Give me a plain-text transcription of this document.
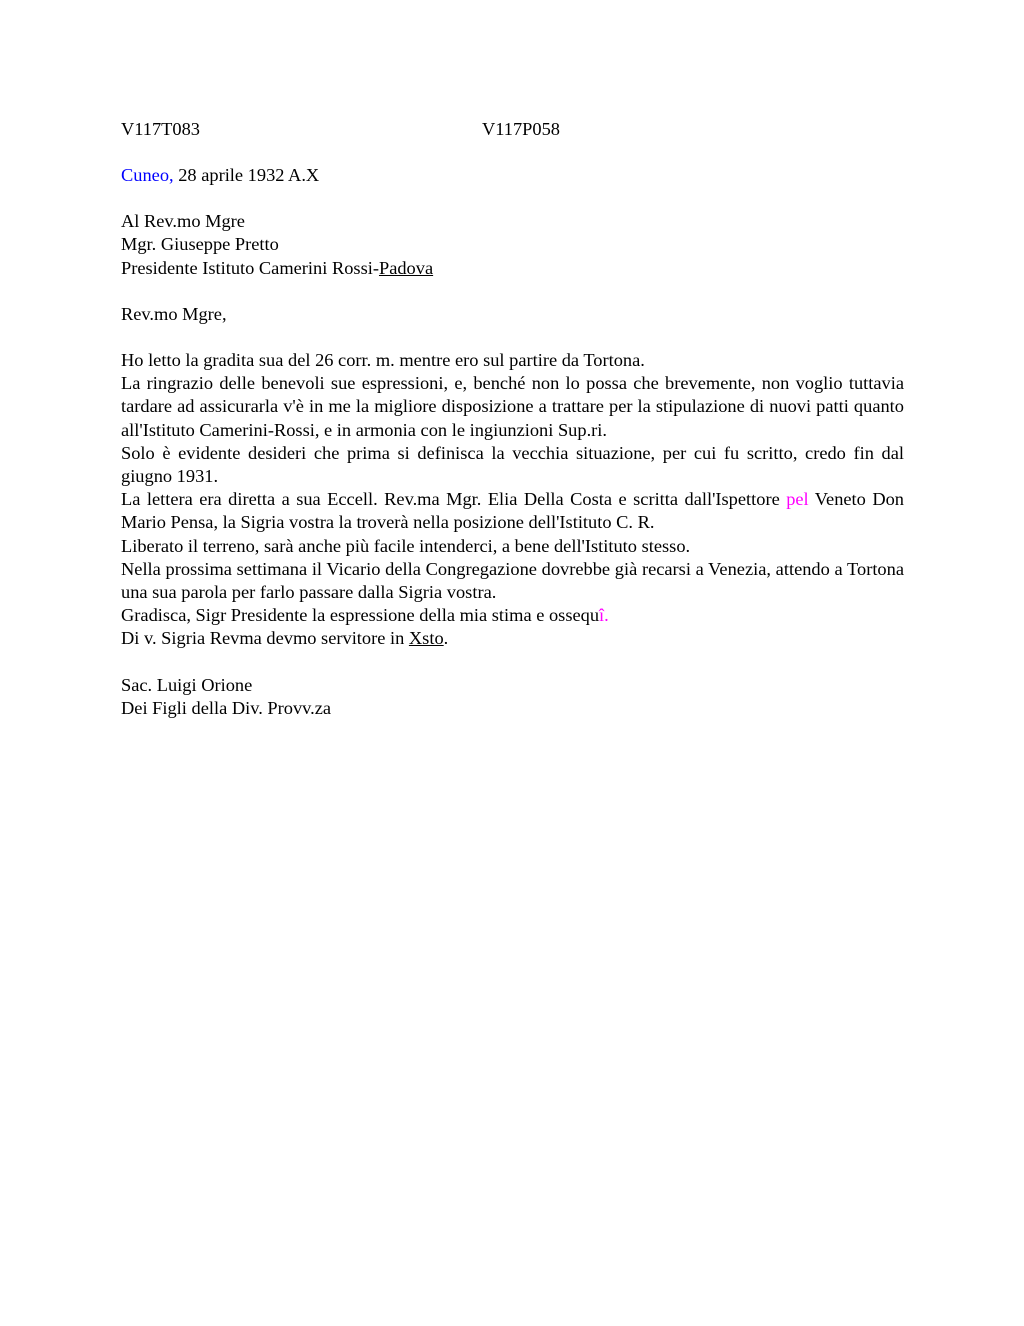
V117T083	V117P058
Cuneo, 28 aprile 1932 A.X
Al Rev.mo Mgre
Mgr. Giuseppe Pretto
Presidente Istituto Camerini Rossi-Padova
Rev.mo Mgre,
Ho letto la gradita sua del 26 corr. m. mentre ero sul partire da Tortona.
La ringrazio delle benevoli sue espressioni, e, benché non lo possa che brevemente, non voglio tuttavia tardare ad assicurarla v'è in me la migliore disposizione a trattare per la stipulazione di nuovi patti quanto all'Istituto Camerini-Rossi, e in armonia con le ingiunzioni Sup.ri.
Solo è evidente desideri che prima si definisca la vecchia situazione, per cui fu scritto, credo fin dal giugno 1931.
La lettera era diretta a sua Eccell. Rev.ma Mgr. Elia Della Costa e scritta dall'Ispettore pel Veneto Don Mario Pensa, la Sigria vostra la troverà nella posizione dell'Istituto C. R.
Liberato il terreno, sarà anche più facile intenderci, a bene dell'Istituto stesso.
Nella prossima settimana il Vicario della Congregazione dovrebbe già recarsi a Venezia, attendo a Tortona una sua parola per farlo passare dalla Sigria vostra.
Gradisca, Sigr Presidente la espressione della mia stima e ossequî.
Di v. Sigria Revma devmo servitore in Xsto.
Sac. Luigi Orione
Dei Figli della Div. Provv.za
